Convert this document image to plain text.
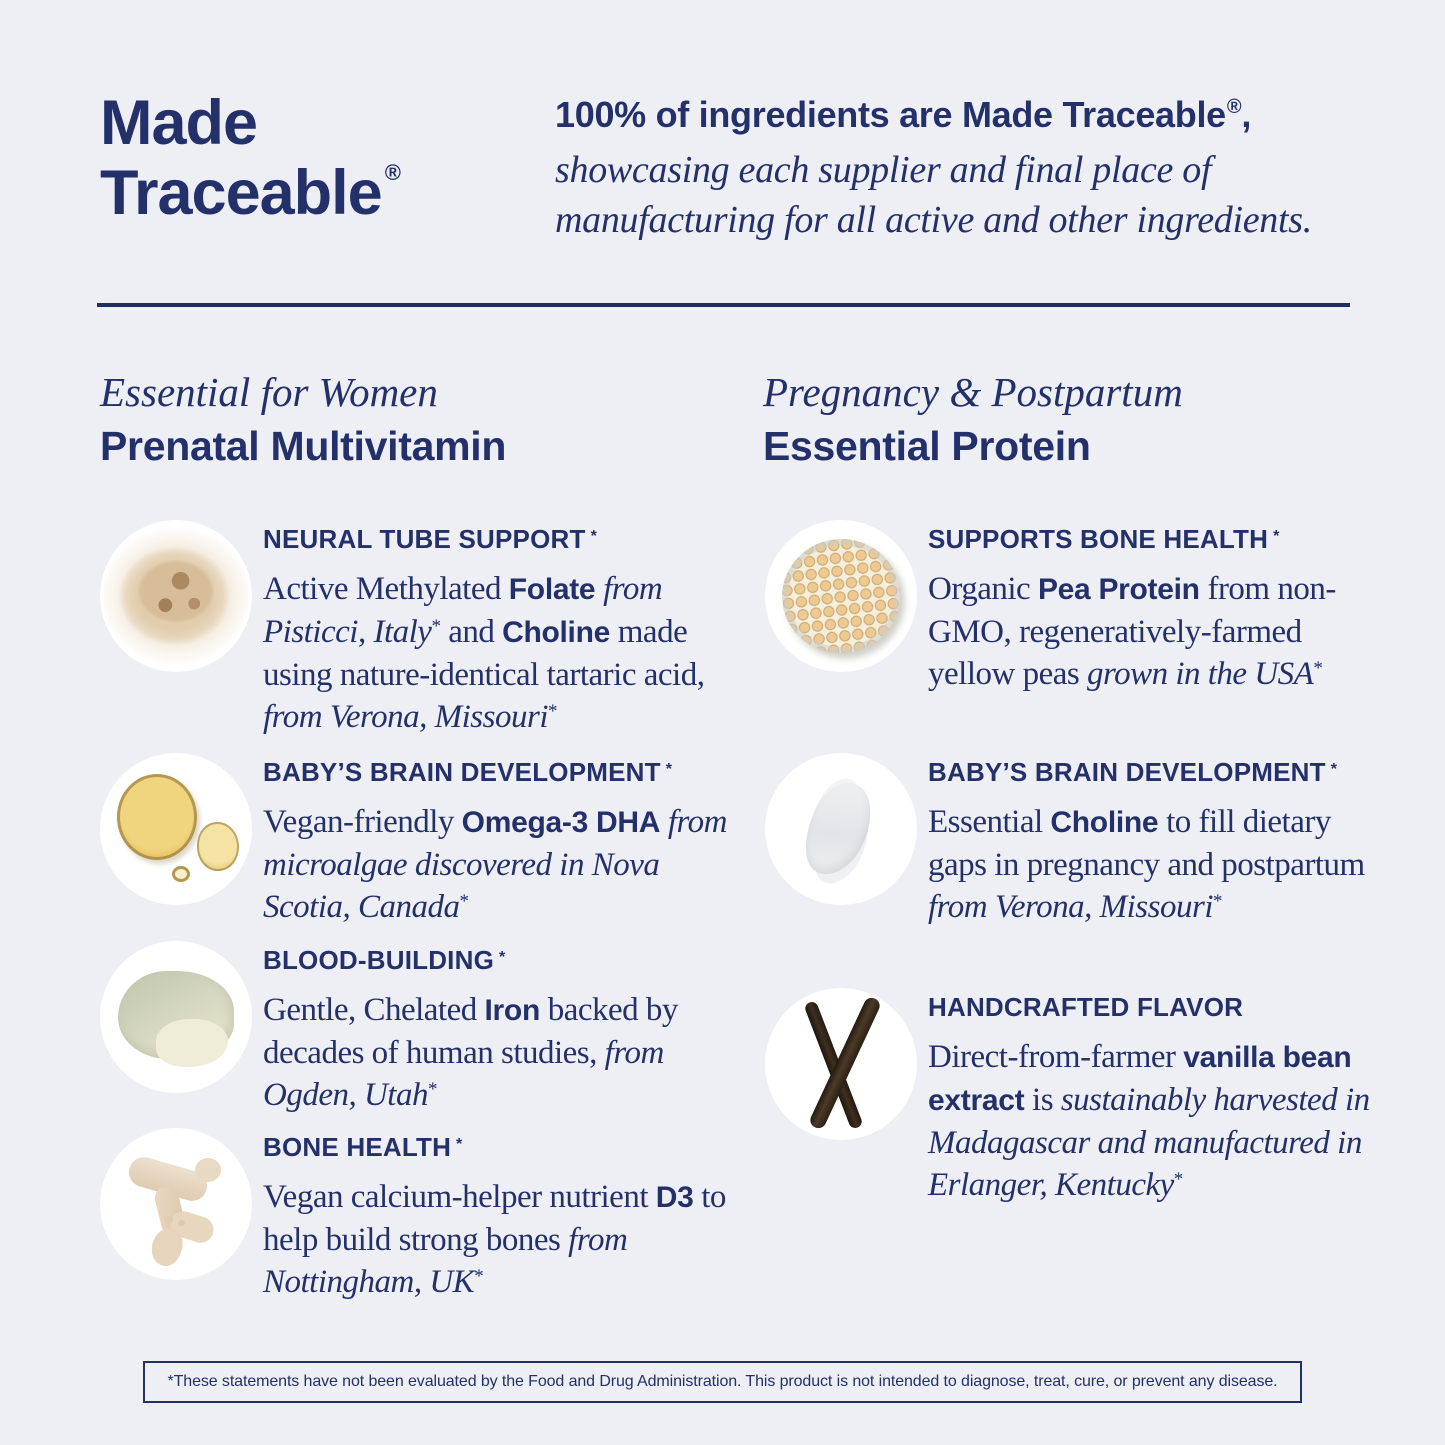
Made
Traceable ®

100% of ingredients are Made Traceable®,

showcasing each supplier and final place of
manufacturing for all active and other ingredients.

Essential for Women

Prenatal Multivitamin

Pregnancy & Postpartum

Essential Protein
NEURAL TUBE SUPPORT *

Active Methylated Folate from Pisticci, Italy* and Choline made using nature-identical tartaric acid, from Verona, Missouri*

BABY’S BRAIN DEVELOPMENT *

Vegan-friendly Omega-3 DHA from microalgae discovered in Nova Scotia, Canada*

BLOOD-BUILDING *

Gentle, Chelated Iron backed by decades of human studies, from Ogden, Utah*

BONE HEALTH *

Vegan calcium-helper nutrient D3 to help build strong bones from Nottingham, UK*

SUPPORTS BONE HEALTH *

Organic Pea Protein from non-GMO, regeneratively-farmed yellow peas grown in the USA*

BABY’S BRAIN DEVELOPMENT *

Essential Choline to fill dietary gaps in pregnancy and postpartum from Verona, Missouri*

HANDCRAFTED FLAVOR

Direct-from-farmer vanilla bean extract is sustainably harvested in Madagascar and manufactured in Erlanger, Kentucky*

*These statements have not been evaluated by the Food and Drug Administration. This product is not intended to diagnose, treat, cure, or prevent any disease.
